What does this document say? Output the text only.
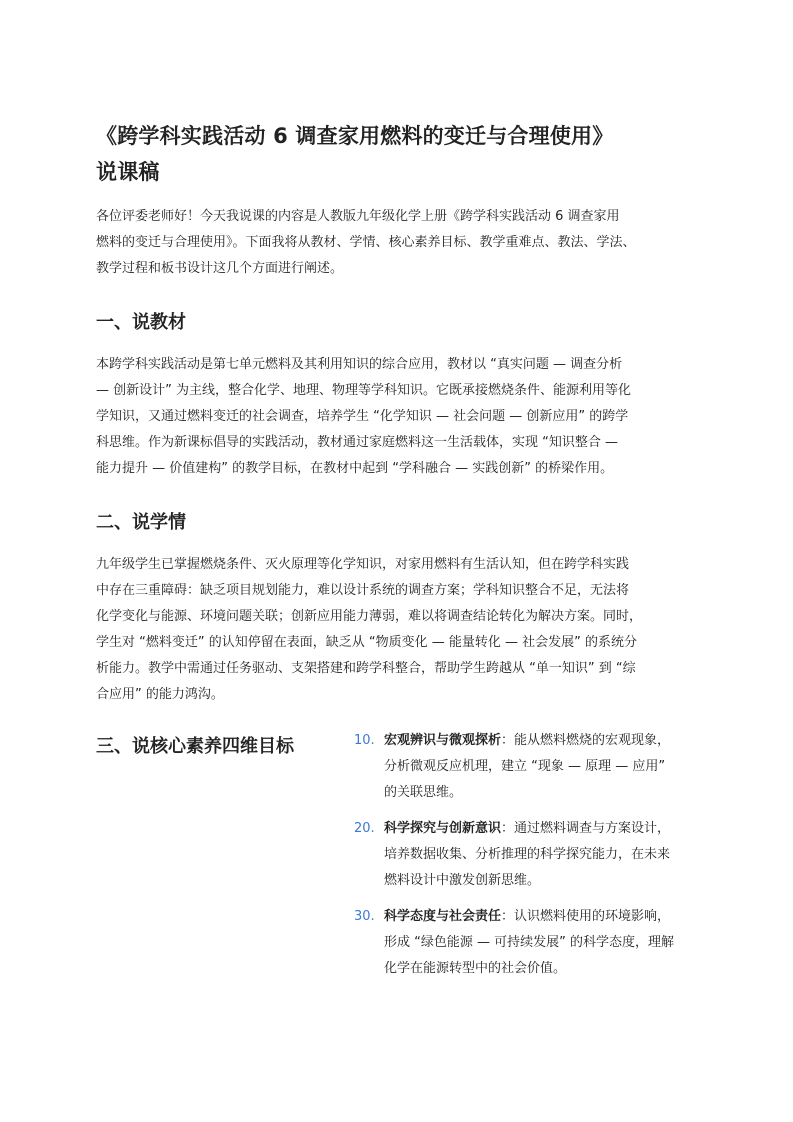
《跨学科实践活动 6 调查家用燃料的变迁与合理使用》
说课稿

各位评委老师好！今天我说课的内容是人教版九年级化学上册《跨学科实践活动 6 调查家用
燃料的变迁与合理使用》。下面我将从教材、学情、核心素养目标、教学重难点、教法、学法、
教学过程和板书设计这几个方面进行阐述。

一、说教材

本跨学科实践活动是第七单元燃料及其利用知识的综合应用，教材以 “真实问题 — 调查分析
— 创新设计” 为主线，整合化学、地理、物理等学科知识。它既承接燃烧条件、能源利用等化
学知识，又通过燃料变迁的社会调查，培养学生 “化学知识 — 社会问题 — 创新应用” 的跨学
科思维。作为新课标倡导的实践活动，教材通过家庭燃料这一生活载体，实现 “知识整合 —
能力提升 — 价值建构” 的教学目标，在教材中起到 “学科融合 — 实践创新” 的桥梁作用。

二、说学情

九年级学生已掌握燃烧条件、灭火原理等化学知识，对家用燃料有生活认知，但在跨学科实践
中存在三重障碍：缺乏项目规划能力，难以设计系统的调查方案；学科知识整合不足，无法将
化学变化与能源、环境问题关联；创新应用能力薄弱，难以将调查结论转化为解决方案。同时，
学生对 “燃料变迁” 的认知停留在表面，缺乏从 “物质变化 — 能量转化 — 社会发展” 的系统分
析能力。教学中需通过任务驱动、支架搭建和跨学科整合，帮助学生跨越从 “单一知识” 到 “综
合应用” 的能力鸿沟。

三、说核心素养四维目标	10. 宏观辨识与微观探析：能从燃料燃烧的宏观现象，
分析微观反应机理，建立 “现象 — 原理 — 应用”
的关联思维。
20. 科学探究与创新意识：通过燃料调查与方案设计，
培养数据收集、分析推理的科学探究能力，在未来
燃料设计中激发创新思维。
30. 科学态度与社会责任：认识燃料使用的环境影响，
形成 “绿色能源 — 可持续发展” 的科学态度，理解
化学在能源转型中的社会价值。
